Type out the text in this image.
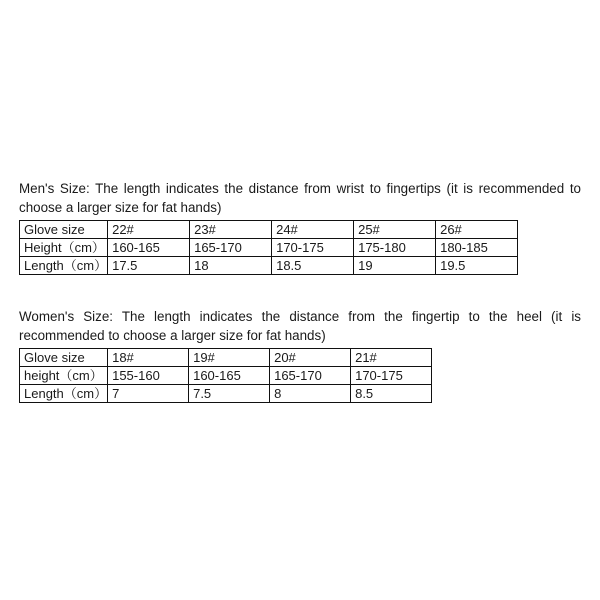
Men's Size: The length indicates the distance from wrist to fingertips (it is recommended to choose a larger size for fat hands)

Glove size	22#	23#	24#	25#	26#
Height（cm）	160-165	165-170	170-175	175-180	180-185
Length（cm）	17.5	18	18.5	19	19.5

Women's Size: The length indicates the distance from the fingertip to the heel (it is recommended to choose a larger size for fat hands)

Glove size	18#	19#	20#	21#
height（cm）	155-160	160-165	165-170	170-175
Length（cm）	7	7.5	8	8.5
